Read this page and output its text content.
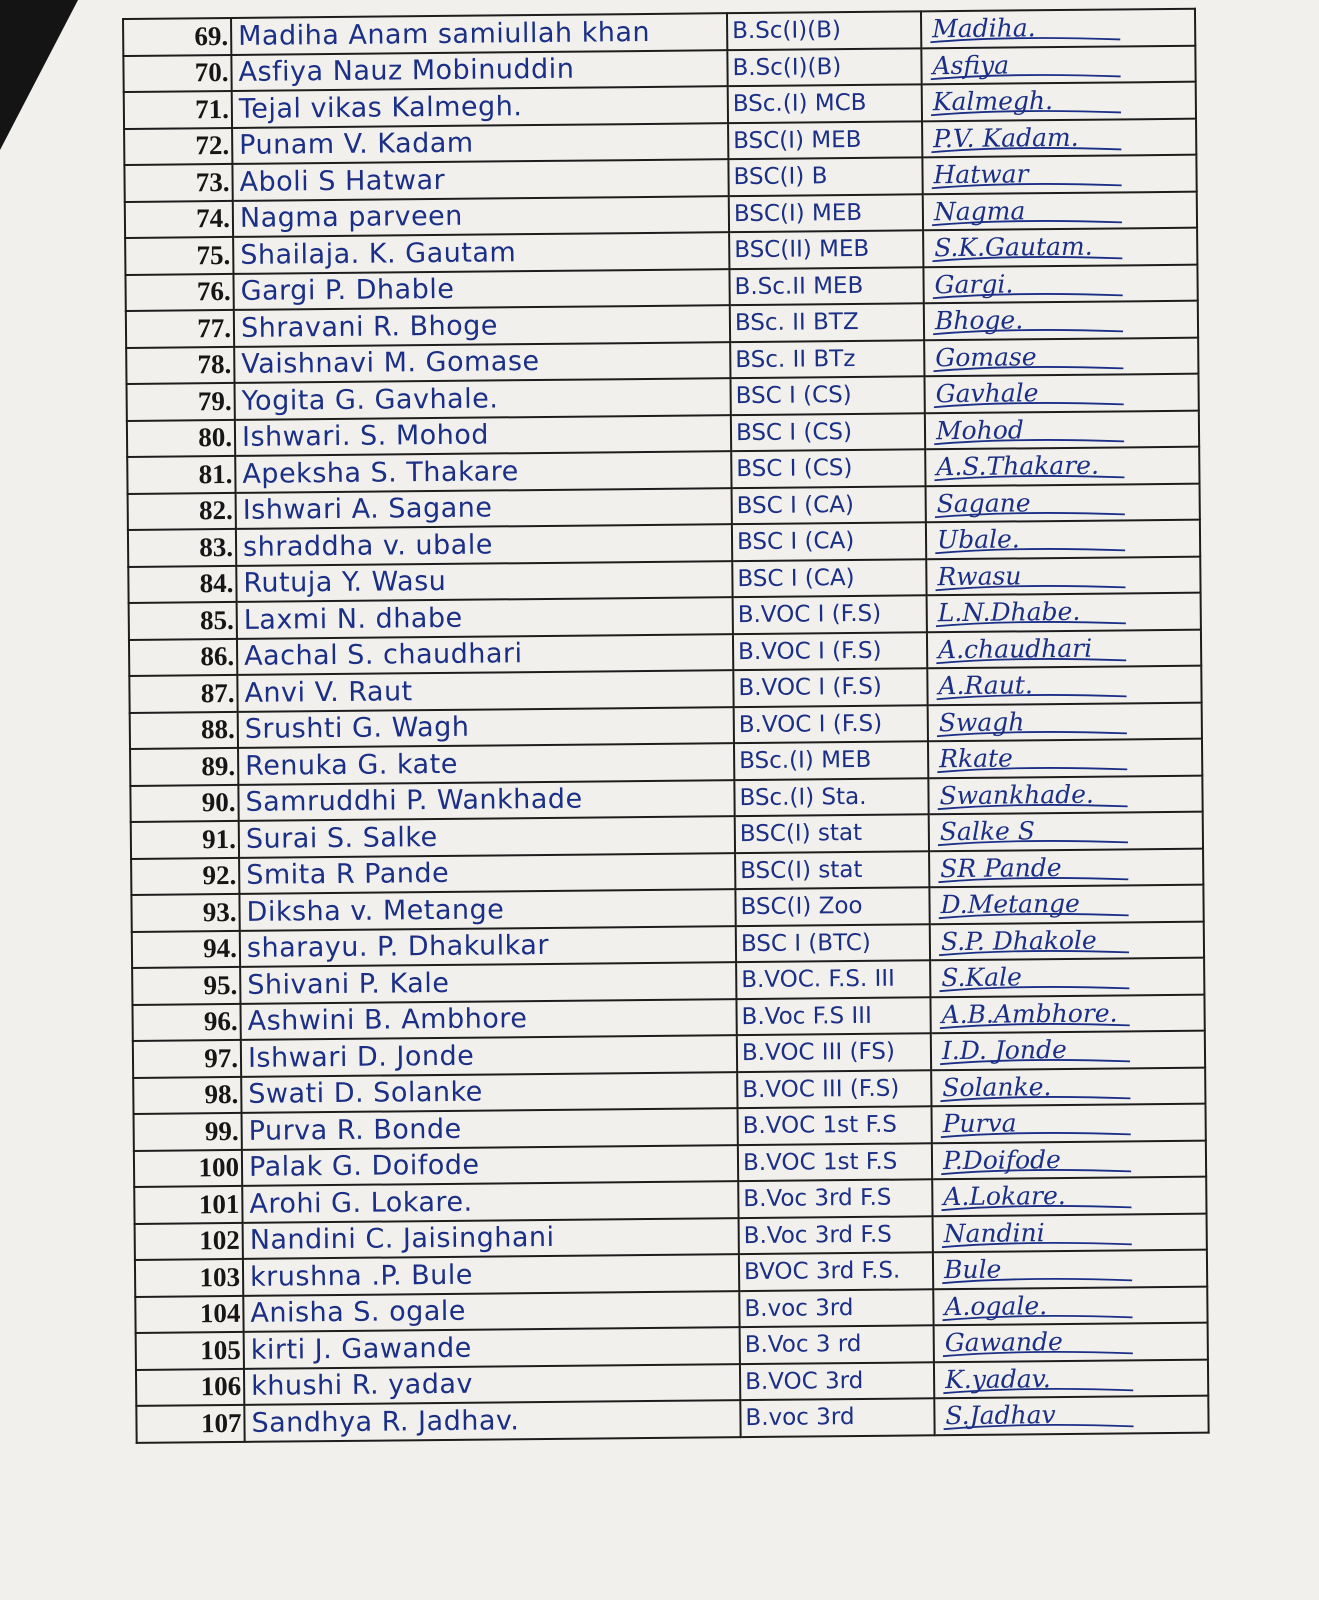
69.	Madiha Anam samiullah khan	B.Sc(I)(B)	Madiha.

70.	Asfiya Nauz Mobinuddin	B.Sc(I)(B)	Asfiya

71.	Tejal vikas Kalmegh.	BSc.(I) MCB	Kalmegh.

72.	Punam V. Kadam	BSC(I) MEB	P.V. Kadam.

73.	Aboli S Hatwar	BSC(I) B	Hatwar

74.	Nagma parveen	BSC(I) MEB	Nagma

75.	Shailaja. K. Gautam	BSC(II) MEB	S.K.Gautam.

76.	Gargi P. Dhable	B.Sc.II MEB	Gargi.

77.	Shravani R. Bhoge	BSc. II BTZ	Bhoge.

78.	Vaishnavi M. Gomase	BSc. II BTz	Gomase

79.	Yogita G. Gavhale.	BSC I (CS)	Gavhale

80.	Ishwari. S. Mohod	BSC I (CS)	Mohod

81.	Apeksha S. Thakare	BSC I (CS)	A.S.Thakare.

82.	Ishwari A. Sagane	BSC I (CA)	Sagane

83.	shraddha v. ubale	BSC I (CA)	Ubale.

84.	Rutuja Y. Wasu	BSC I (CA)	Rwasu

85.	Laxmi N. dhabe	B.VOC I (F.S)	L.N.Dhabe.

86.	Aachal S. chaudhari	B.VOC I (F.S)	A.chaudhari

87.	Anvi V. Raut	B.VOC I (F.S)	A.Raut.

88.	Srushti G. Wagh	B.VOC I (F.S)	Swagh

89.	Renuka G. kate	BSc.(I) MEB	Rkate

90.	Samruddhi P. Wankhade	BSc.(I) Sta.	Swankhade.

91.	Surai S. Salke	BSC(I) stat	Salke S

92.	Smita R Pande	BSC(I) stat	SR Pande

93.	Diksha v. Metange	BSC(I) Zoo	D.Metange

94.	sharayu. P. Dhakulkar	BSC I (BTC)	S.P. Dhakole

95.	Shivani P. Kale	B.VOC. F.S. III	S.Kale

96.	Ashwini B. Ambhore	B.Voc F.S III	A.B.Ambhore.

97.	Ishwari D. Jonde	B.VOC III (FS)	I.D. Jonde

98.	Swati D. Solanke	B.VOC III (F.S)	Solanke.

99.	Purva R. Bonde	B.VOC 1st F.S	Purva

100	Palak G. Doifode	B.VOC 1st F.S	P.Doifode

101	Arohi G. Lokare.	B.Voc 3rd F.S	A.Lokare.

102	Nandini C. Jaisinghani	B.Voc 3rd F.S	Nandini

103	krushna .P. Bule	BVOC 3rd F.S.	Bule

104	Anisha S. ogale	B.voc 3rd	A.ogale.

105	kirti J. Gawande	B.Voc 3 rd	Gawande

106	khushi R. yadav	B.VOC 3rd	K.yadav.

107	Sandhya R. Jadhav.	B.voc 3rd	S.Jadhav
